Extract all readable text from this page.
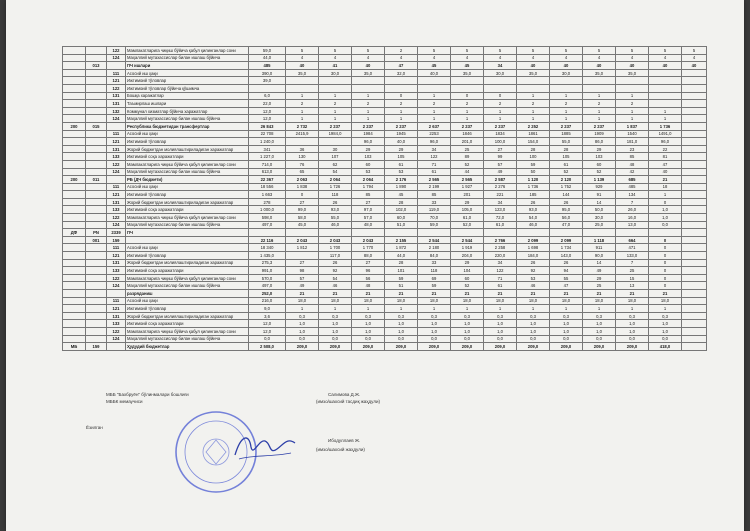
		122	Мамлакатларига чиқиш бўйича қабул қилинганлар сони	59,0	5	5	5	2	5	5	5	5	5	5	5	5	5
		124	Маҳаллий мутахассислар билан ишлаш бўйича	44,0	4	4	4	4	4	4	4	4	4	4	4	4	4
	013		ПЧ ишлари	485	40	41	40	47	45	45	34	40	40	40	40	40	40
		111	Асосий иш ҳақи	390,0	35,0	30,0	35,0	32,0	40,0	35,0	30,0	35,0	30,0	35,0	35,0		
		121	Ижтимоий тўловлар	39,0													
		122	Ижтимоий тўловлар бўйича қўшимча														
		131	Бошқа харажатлар	6,0	1	1	1	0	1	0	0	1	1	1	1		
		131	Таъмирлаш ишлари	22,0	2	2	2	2	2	2	2	2	2	2	2		
		132	Коммунал хизматлар бўйича харажатлар	12,0	1	1	1	1	1	1	1	1	1	1	1	1	
		124	Маҳаллий мутахассислар билан ишлаш бўйича	12,0	1	1	1	1	1	1	1	1	1	1	1	1	
200	015		Республика бюджетидан трансфертлар	26 843	2 732	2 237	2 237	2 237	2 637	2 237	2 237	2 252	2 237	2 237	1 837	1 736	
		111	Асосий иш ҳақи	22 708	2415,9	1984,0	1984	1945	2253	1846	1834	1861	1885	1909	1540	1491,0	
		121	Ижтимоий тўловлар	1 240,0			96,0	40,0	96,0	201,0	100,0	154,0	55,0	86,0	181,0	96,0	
		131	Жорий бюджетдан молиялаштириладиган харажатлар	341	36	30	29	29	34	25	27	28	28	29	23	22	
		133	Ижтимоий соҳа харажатлари	1 227,0	130	107	103	105	122	89	99	100	105	103	85	81	
		122	Мамлакатларига чиқиш бўйича қабул қилинганлар сони	714,0	76	62	60	61	71	52	57	59	61	60	48	47	
		124	Маҳаллий мутахассислар билан ишлаш бўйича	613,0	65	54	53	53	61	44	49	50	52	52	42	40	
200	011		РБ (ДЧ бюджети)	22 367	2 063	2 064	2 064	2 176	2 565	2 565	2 587	1 120	2 120	1 139	685	21	
		111	Асосий иш ҳақи	18 556	1 838	1 726	1 794	1 890	2 199	1 927	2 276	1 736	1 752	929	485	18	
		121	Ижтимоий тўловлар	1 663	0	118	85	45	85	201	221	185	144	91	134	1	
		131	Жорий бюджетдан молиялаштириладиган харажатлар	278	27	26	27	28	33	29	34	26	26	14	7	0	
		133	Ижтимоий соҳа харажатлари	1 000,0	99,0	93,0	97,0	102,0	119,0	105,0	123,0	93,0	95,0	50,0	26,0	1,0	
		122	Мамлакатларига чиқиш бўйича қабул қилинганлар сони	598,0	58,0	55,0	57,0	60,0	70,0	61,0	72,0	54,0	56,0	30,0	16,0	1,0	
		124	Маҳаллий мутахассислар билан ишлаш бўйича	497,0	45,0	46,0	48,0	51,0	59,0	52,0	61,0	46,0	47,0	25,0	13,0	0,0	
ДФ	PN	2339	ПЧ														
	001	159		22 116	2 043	2 043	2 043	2 155	2 544	2 544	2 766	2 099	2 099	1 118	664	0	
		111	Асосий иш ҳақи	18 340	1 812	1 700	1 770	1 872	2 180	1 919	2 258	1 698	1 734	911	471	0	
		121	Ижтимоий тўловлар	1 435,0		117,0	88,0	44,0	84,0	204,0	220,0	184,0	143,0	90,0	133,0	0	
		131	Жорий бюджетдан молиялаштириладиган харажатлар	275,3	27	26	27	28	33	29	34	26	26	14	7	0	
		133	Ижтимоий соҳа харажатлари	991,0	98	92	96	101	118	104	122	92	94	49	25	0	
		122	Мамлакатларига чиқиш бўйича қабул қилинганлар сони	570,0	57	54	56	59	69	60	71	53	55	29	15	0	
		124	Маҳаллий мутахассислар билан ишлаш бўйича	497,0	49	46	48	51	59	52	61	46	47	25	13	0	
			разряданиш	252,0	21	21	21	21	21	21	21	21	21	21	21	21	
		111	Асосий иш ҳақи	216,0	18,0	18,0	18,0	18,0	18,0	18,0	18,0	18,0	18,0	18,0	18,0	18,0	
		121	Ижтимоий тўловлар	9,0	1	1	1	1	1	1	1	1	1	1	1	1	
		131	Жорий бюджетдан молиялаштириладиган харажатлар	3,6	0,3	0,3	0,3	0,3	0,3	0,3	0,3	0,3	0,3	0,3	0,3	0,3	
		133	Ижтимоий соҳа харажатлари	12,0	1,0	1,0	1,0	1,0	1,0	1,0	1,0	1,0	1,0	1,0	1,0	1,0	
		122	Мамлакатларига чиқиш бўйича қабул қилинганлар сони	12,0	1,0	1,0	1,0	1,0	1,0	1,0	1,0	1,0	1,0	1,0	1,0	1,0	
		124	Маҳаллий мутахассислар билан ишлаш бўйича	0,0	0,0	0,0	0,0	0,0	0,0	0,0	0,0	0,0	0,0	0,0	0,0	0,0	
МБ	159		Ҳудудий бюджетлар	2 508,0	209,0	209,0	209,0	209,0	209,0	209,0	209,0	209,0	209,0	209,0	209,0	418,0	
МББ "Бахбруён" бўлинмалари бошлиғи
МББК мемаучиси
Салимова Д.Ж.
(имзо/шахсий тасдиқ жаҳдули)
Ёзилган
Ибодуллаев Ж.
(имзо/шахсий жаҳдули)
